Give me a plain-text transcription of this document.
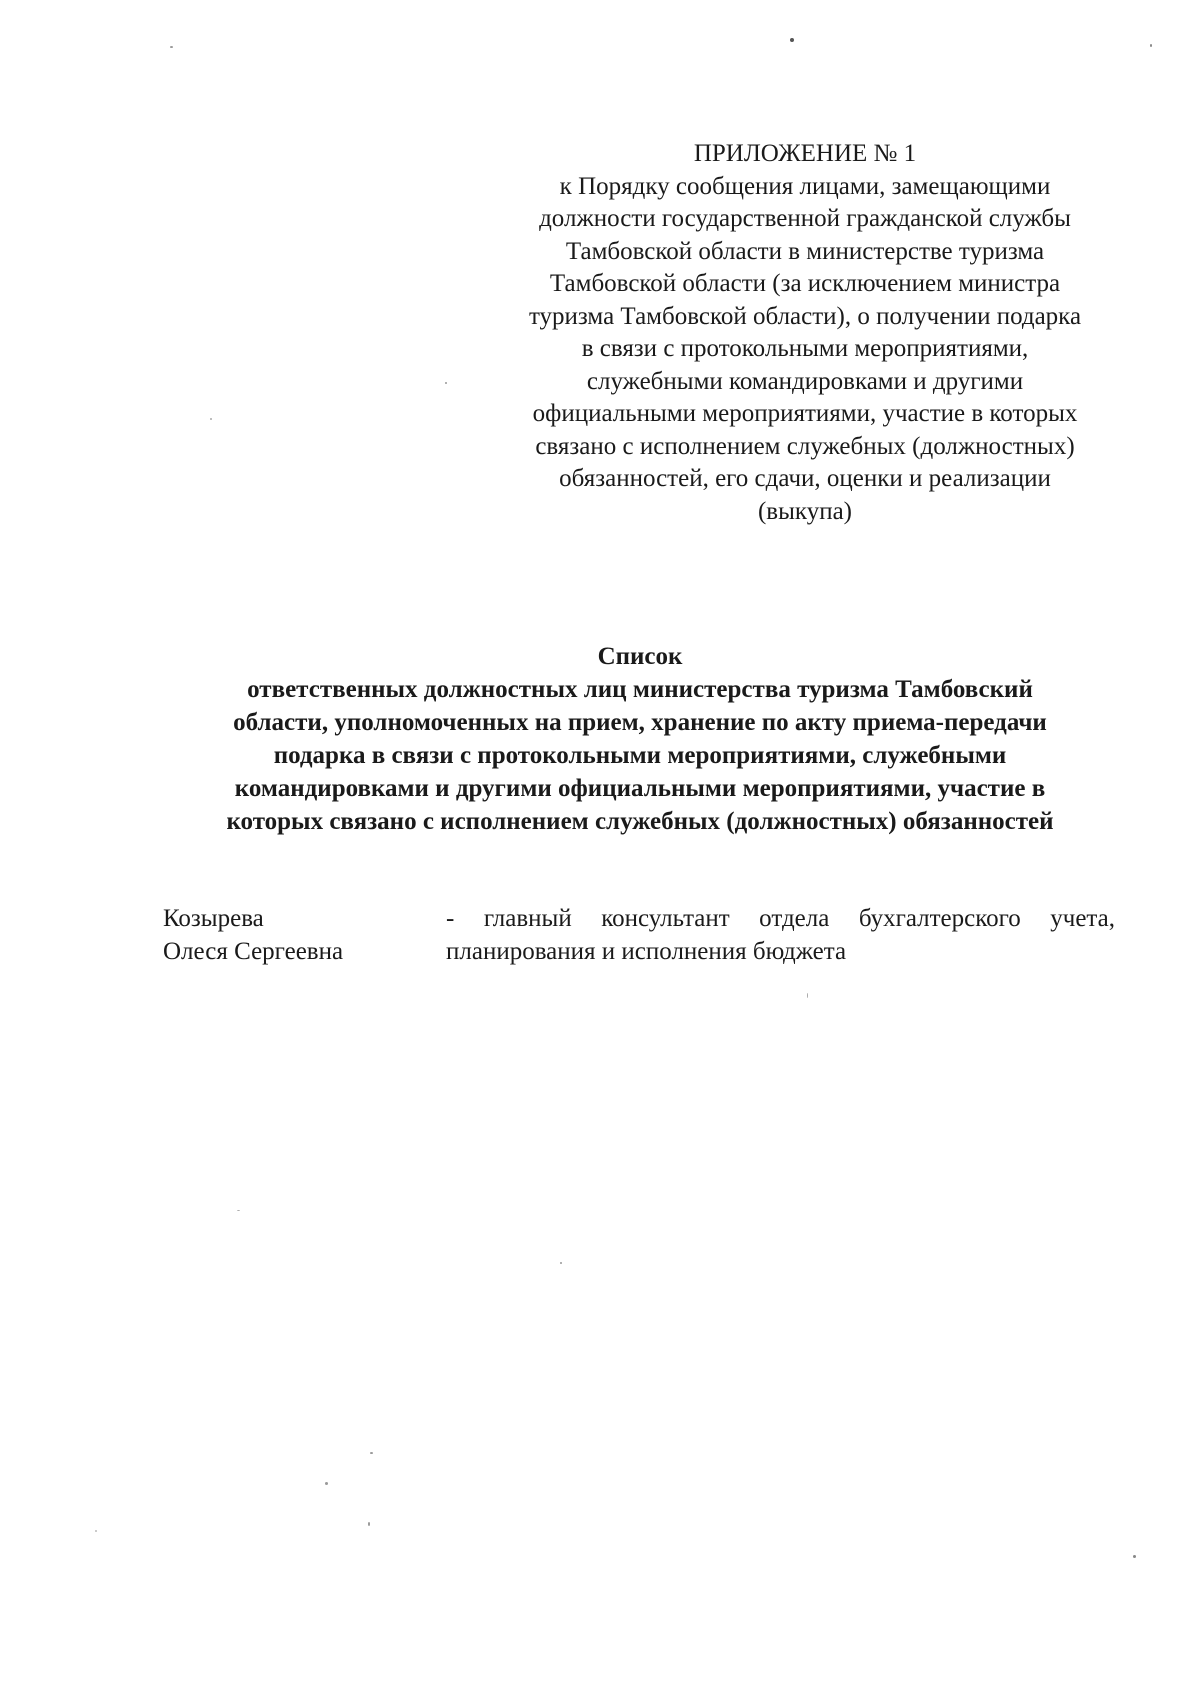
ПРИЛОЖЕНИЕ № 1
к Порядку сообщения лицами, замещающими
должности государственной гражданской службы
Тамбовской области в министерстве туризма
Тамбовской области (за исключением министра
туризма Тамбовской области), о получении подарка
в связи с протокольными мероприятиями,
служебными командировками и другими
официальными мероприятиями, участие в которых
связано с исполнением служебных (должностных)
обязанностей, его сдачи, оценки и реализации
(выкупа)
Список
ответственных должностных лиц министерства туризма Тамбовский
области, уполномоченных на прием, хранение по акту приема-передачи
подарка в связи с протокольными мероприятиями, служебными
командировками и другими официальными мероприятиями, участие в
которых связано с исполнением служебных (должностных) обязанностей
Козырева
Олеся Сергеевна
- главный консультант отдела бухгалтерского учета,
планирования и исполнения бюджета
